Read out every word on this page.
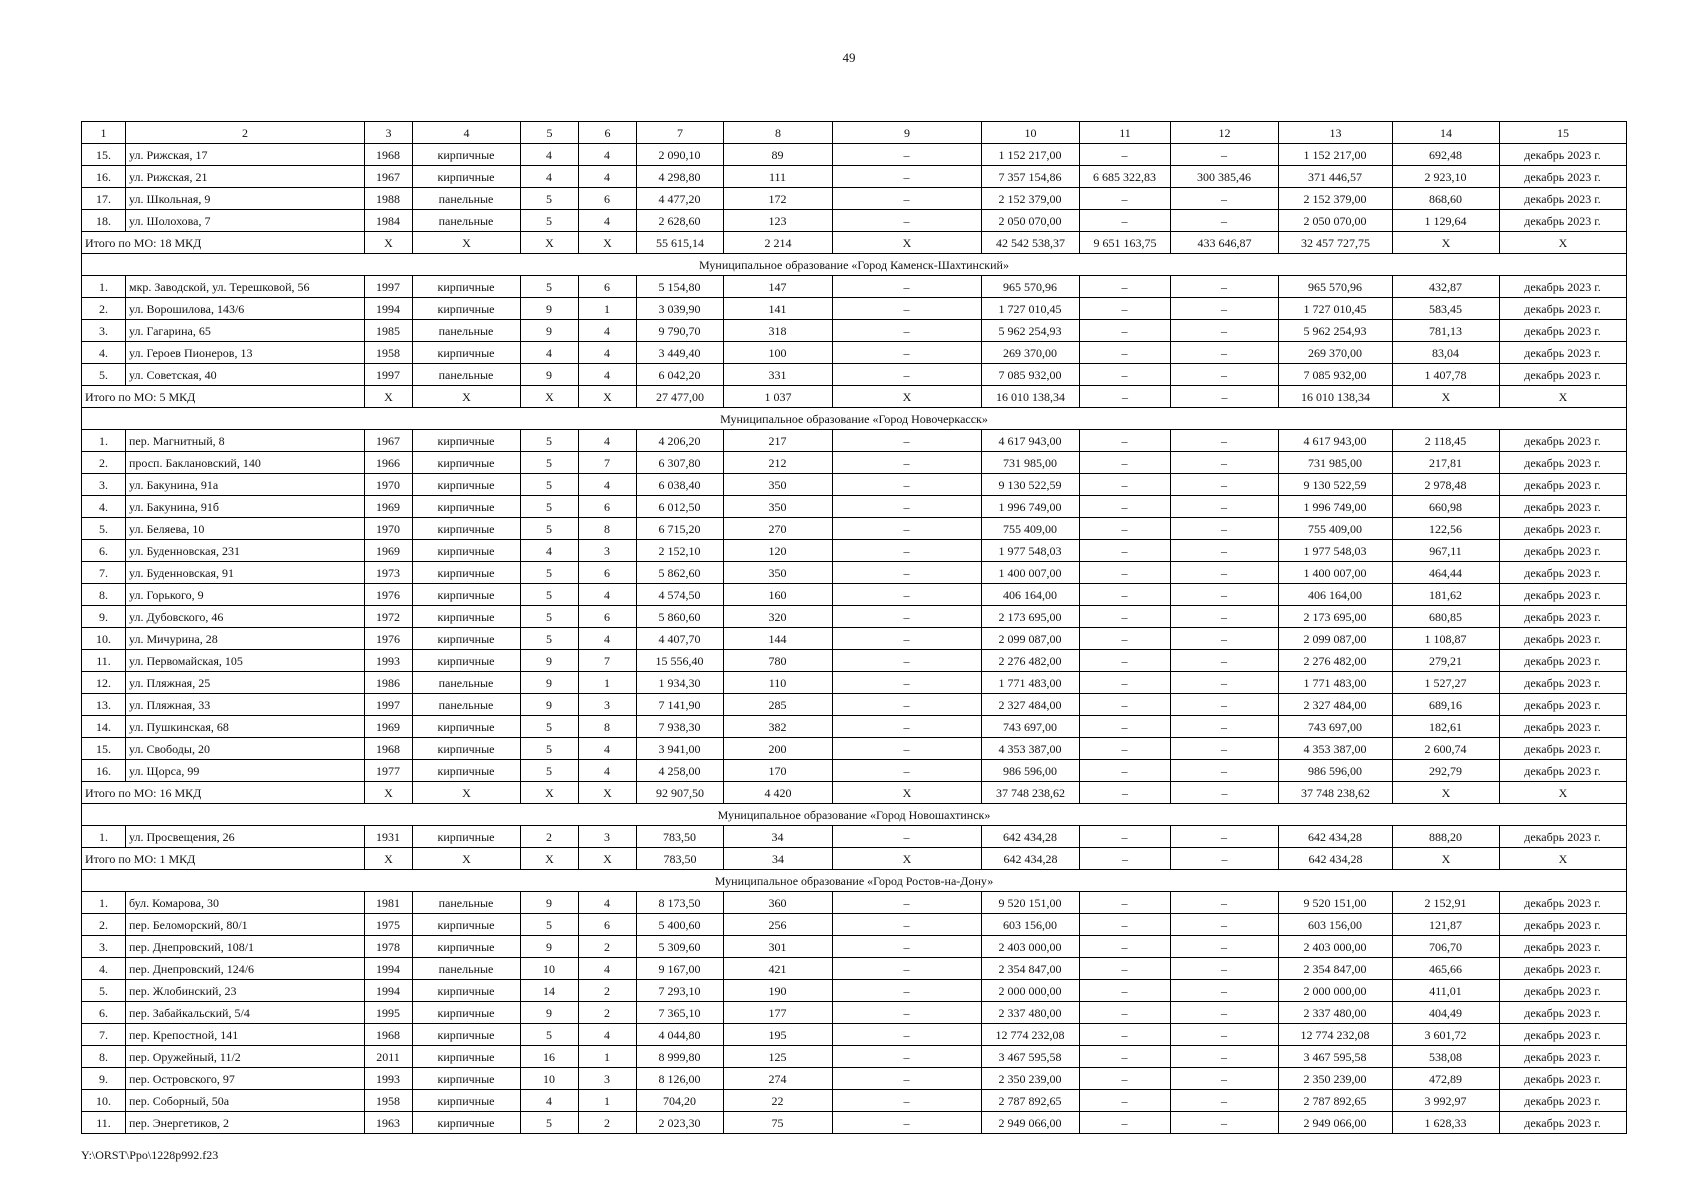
49
1	2	3	4	5	6	7	8	9	10	11	12	13	14	15
15.	ул. Рижская, 17	1968	кирпичные	4	4	2 090,10	89	–	1 152 217,00	–	–	1 152 217,00	692,48	декабрь 2023 г.
16.	ул. Рижская, 21	1967	кирпичные	4	4	4 298,80	111	–	7 357 154,86	6 685 322,83	300 385,46	371 446,57	2 923,10	декабрь 2023 г.
17.	ул. Школьная, 9	1988	панельные	5	6	4 477,20	172	–	2 152 379,00	–	–	2 152 379,00	868,60	декабрь 2023 г.
18.	ул. Шолохова, 7	1984	панельные	5	4	2 628,60	123	–	2 050 070,00	–	–	2 050 070,00	1 129,64	декабрь 2023 г.
Итого по МО: 18 МКД		X	X	X	X	55 615,14	2 214	X	42 542 538,37	9 651 163,75	433 646,87	32 457 727,75	X	X
Муниципальное образование «Город Каменск-Шахтинский»														
1.	мкр. Заводской, ул. Терешковой, 56	1997	кирпичные	5	6	5 154,80	147	–	965 570,96	–	–	965 570,96	432,87	декабрь 2023 г.
2.	ул. Ворошилова, 143/6	1994	кирпичные	9	1	3 039,90	141	–	1 727 010,45	–	–	1 727 010,45	583,45	декабрь 2023 г.
3.	ул. Гагарина, 65	1985	панельные	9	4	9 790,70	318	–	5 962 254,93	–	–	5 962 254,93	781,13	декабрь 2023 г.
4.	ул. Героев Пионеров, 13	1958	кирпичные	4	4	3 449,40	100	–	269 370,00	–	–	269 370,00	83,04	декабрь 2023 г.
5.	ул. Советская, 40	1997	панельные	9	4	6 042,20	331	–	7 085 932,00	–	–	7 085 932,00	1 407,78	декабрь 2023 г.
Итого по МО: 5 МКД		X	X	X	X	27 477,00	1 037	X	16 010 138,34	–	–	16 010 138,34	X	X
Муниципальное образование «Город Новочеркасск»														
1.	пер. Магнитный, 8	1967	кирпичные	5	4	4 206,20	217	–	4 617 943,00	–	–	4 617 943,00	2 118,45	декабрь 2023 г.
2.	просп. Баклановский, 140	1966	кирпичные	5	7	6 307,80	212	–	731 985,00	–	–	731 985,00	217,81	декабрь 2023 г.
3.	ул. Бакунина, 91а	1970	кирпичные	5	4	6 038,40	350	–	9 130 522,59	–	–	9 130 522,59	2 978,48	декабрь 2023 г.
4.	ул. Бакунина, 91б	1969	кирпичные	5	6	6 012,50	350	–	1 996 749,00	–	–	1 996 749,00	660,98	декабрь 2023 г.
5.	ул. Беляева, 10	1970	кирпичные	5	8	6 715,20	270	–	755 409,00	–	–	755 409,00	122,56	декабрь 2023 г.
6.	ул. Буденновская, 231	1969	кирпичные	4	3	2 152,10	120	–	1 977 548,03	–	–	1 977 548,03	967,11	декабрь 2023 г.
7.	ул. Буденновская, 91	1973	кирпичные	5	6	5 862,60	350	–	1 400 007,00	–	–	1 400 007,00	464,44	декабрь 2023 г.
8.	ул. Горького, 9	1976	кирпичные	5	4	4 574,50	160	–	406 164,00	–	–	406 164,00	181,62	декабрь 2023 г.
9.	ул. Дубовского, 46	1972	кирпичные	5	6	5 860,60	320	–	2 173 695,00	–	–	2 173 695,00	680,85	декабрь 2023 г.
10.	ул. Мичурина, 28	1976	кирпичные	5	4	4 407,70	144	–	2 099 087,00	–	–	2 099 087,00	1 108,87	декабрь 2023 г.
11.	ул. Первомайская, 105	1993	кирпичные	9	7	15 556,40	780	–	2 276 482,00	–	–	2 276 482,00	279,21	декабрь 2023 г.
12.	ул. Пляжная, 25	1986	панельные	9	1	1 934,30	110	–	1 771 483,00	–	–	1 771 483,00	1 527,27	декабрь 2023 г.
13.	ул. Пляжная, 33	1997	панельные	9	3	7 141,90	285	–	2 327 484,00	–	–	2 327 484,00	689,16	декабрь 2023 г.
14.	ул. Пушкинская, 68	1969	кирпичные	5	8	7 938,30	382	–	743 697,00	–	–	743 697,00	182,61	декабрь 2023 г.
15.	ул. Свободы, 20	1968	кирпичные	5	4	3 941,00	200	–	4 353 387,00	–	–	4 353 387,00	2 600,74	декабрь 2023 г.
16.	ул. Щорса, 99	1977	кирпичные	5	4	4 258,00	170	–	986 596,00	–	–	986 596,00	292,79	декабрь 2023 г.
Итого по МО: 16 МКД		X	X	X	X	92 907,50	4 420	X	37 748 238,62	–	–	37 748 238,62	X	X
Муниципальное образование «Город Новошахтинск»														
1.	ул. Просвещения, 26	1931	кирпичные	2	3	783,50	34	–	642 434,28	–	–	642 434,28	888,20	декабрь 2023 г.
Итого по МО: 1 МКД		X	X	X	X	783,50	34	X	642 434,28	–	–	642 434,28	X	X
Муниципальное образование «Город Ростов-на-Дону»														
1.	бул. Комарова, 30	1981	панельные	9	4	8 173,50	360	–	9 520 151,00	–	–	9 520 151,00	2 152,91	декабрь 2023 г.
2.	пер. Беломорский, 80/1	1975	кирпичные	5	6	5 400,60	256	–	603 156,00	–	–	603 156,00	121,87	декабрь 2023 г.
3.	пер. Днепровский, 108/1	1978	кирпичные	9	2	5 309,60	301	–	2 403 000,00	–	–	2 403 000,00	706,70	декабрь 2023 г.
4.	пер. Днепровский, 124/6	1994	панельные	10	4	9 167,00	421	–	2 354 847,00	–	–	2 354 847,00	465,66	декабрь 2023 г.
5.	пер. Жлобинский, 23	1994	кирпичные	14	2	7 293,10	190	–	2 000 000,00	–	–	2 000 000,00	411,01	декабрь 2023 г.
6.	пер. Забайкальский, 5/4	1995	кирпичные	9	2	7 365,10	177	–	2 337 480,00	–	–	2 337 480,00	404,49	декабрь 2023 г.
7.	пер. Крепостной, 141	1968	кирпичные	5	4	4 044,80	195	–	12 774 232,08	–	–	12 774 232,08	3 601,72	декабрь 2023 г.
8.	пер. Оружейный, 11/2	2011	кирпичные	16	1	8 999,80	125	–	3 467 595,58	–	–	3 467 595,58	538,08	декабрь 2023 г.
9.	пер. Островского, 97	1993	кирпичные	10	3	8 126,00	274	–	2 350 239,00	–	–	2 350 239,00	472,89	декабрь 2023 г.
10.	пер. Соборный, 50а	1958	кирпичные	4	1	704,20	22	–	2 787 892,65	–	–	2 787 892,65	3 992,97	декабрь 2023 г.
11.	пер. Энергетиков, 2	1963	кирпичные	5	2	2 023,30	75	–	2 949 066,00	–	–	2 949 066,00	1 628,33	декабрь 2023 г.
Y:\ORST\Ppo\1228p992.f23
